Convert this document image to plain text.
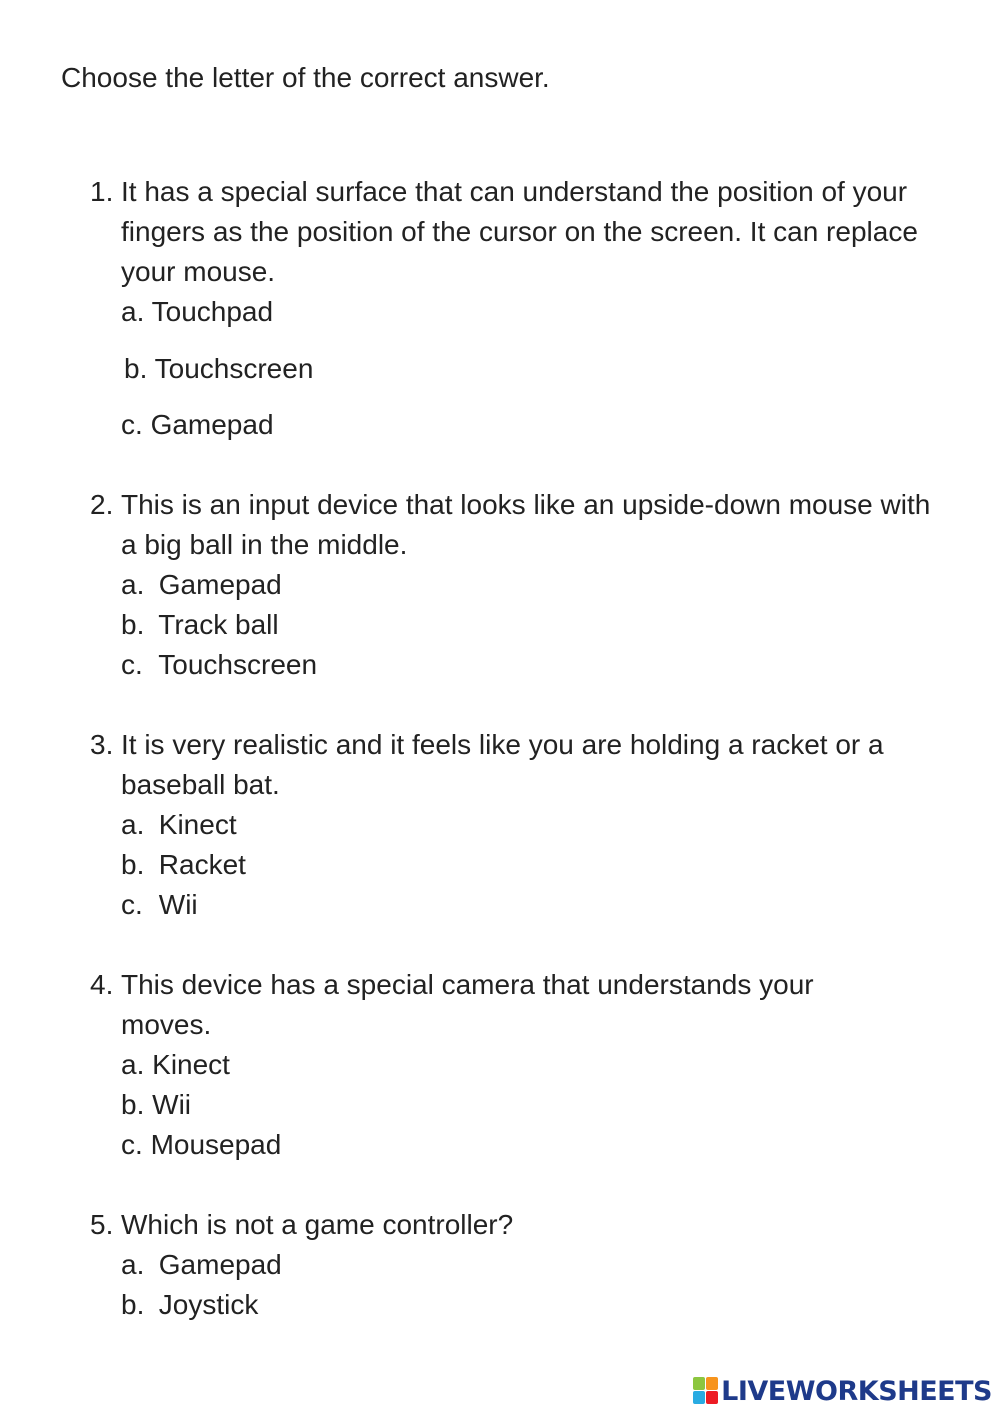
Choose the letter of the correct answer.

1. It has a special surface that can understand the position of your fingers as the position of the cursor on the screen. It can replace your mouse.

a. Touchpad
b. Touchscreen
c. Gamepad
2. This is an input device that looks like an upside-down mouse with a big ball in the middle.

a. Gamepad
b. Track ball
c. Touchscreen
3. It is very realistic and it feels like you are holding a racket or a baseball bat.

a. Kinect
b. Racket
c. Wii
4. This device has a special camera that understands your moves.

a. Kinect
b. Wii
c. Mousepad
5. Which is not a game controller?

a. Gamepad
b. Joystick
LIVEWORKSHEETS
